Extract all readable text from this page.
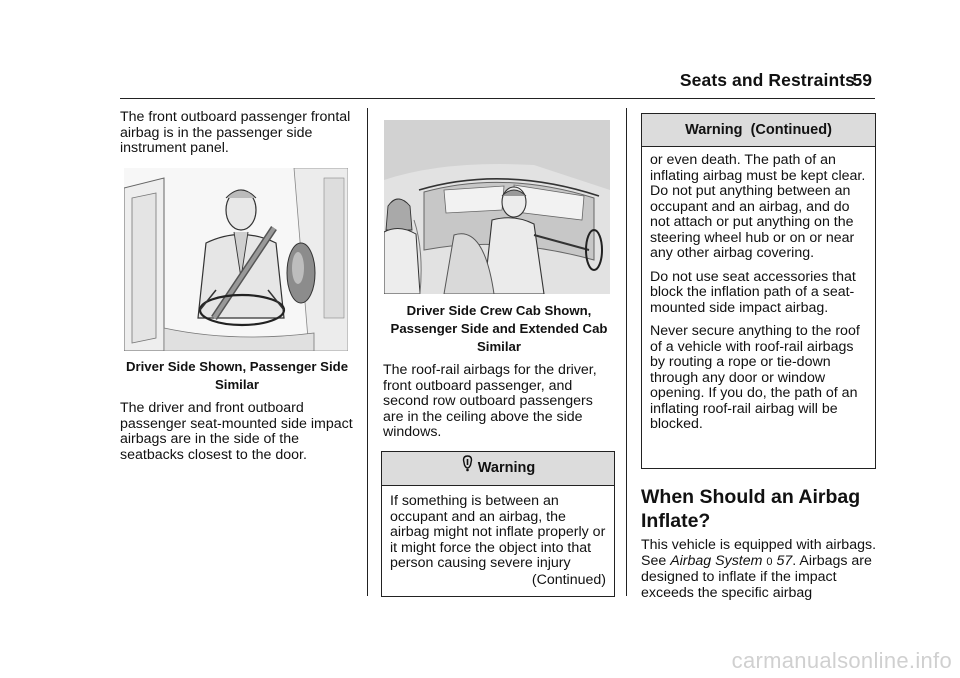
Seats and Restraints
59

The front outboard passenger frontal airbag is in the passenger side instrument panel.

Driver Side Shown, Passenger Side Similar

The driver and front outboard passenger seat-mounted side impact airbags are in the side of the seatbacks closest to the door.

Driver Side Crew Cab Shown, Passenger Side and Extended Cab Similar

The roof-rail airbags for the driver, front outboard passenger, and second row outboard passengers are in the ceiling above the side windows.

Warning

If something is between an occupant and an airbag, the airbag might not inflate properly or it might force the object into that person causing severe injury

(Continued)
Warning  (Continued)

or even death. The path of an inflating airbag must be kept clear. Do not put anything between an occupant and an airbag, and do not attach or put anything on the steering wheel hub or on or near any other airbag covering.

Do not use seat accessories that block the inflation path of a seat-mounted side impact airbag.

Never secure anything to the roof of a vehicle with roof-rail airbags by routing a rope or tie-down through any door or window opening. If you do, the path of an inflating roof-rail airbag will be blocked.

When Should an Airbag Inflate?

This vehicle is equipped with airbags. See Airbag System 0 57. Airbags are designed to inflate if the impact exceeds the specific airbag

carmanualsonline.info
